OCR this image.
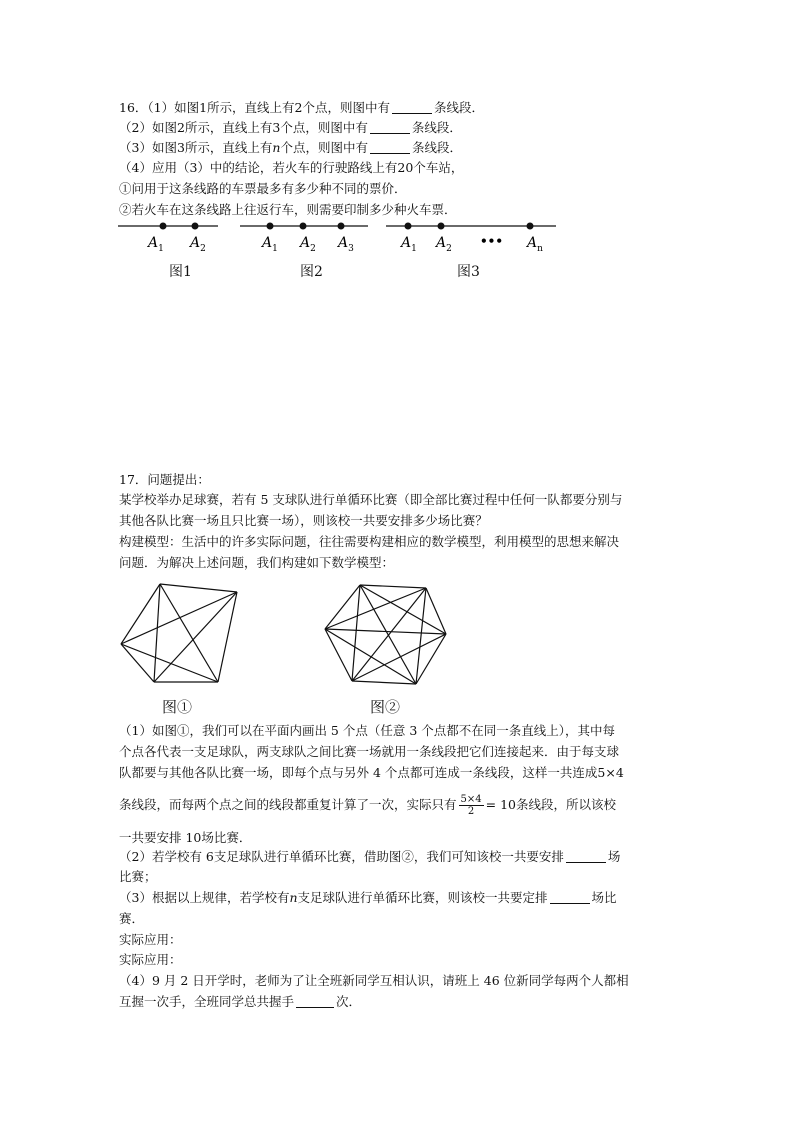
16．（1）如图1所示，直线上有2个点，则图中有	条线段．
（2）如图2所示，直线上有3个点，则图中有	条线段．
（3）如图3所示，直线上有n个点，则图中有	条线段．
（4）应用（3）中的结论，若火车的行驶路线上有20个车站，
①问用于这条线路的车票最多有多少种不同的票价．
②若火车在这条线路上往返行车，则需要印制多少种火车票．
$A_1$ $A_2$
图1
$A_1$ $A_2$ $A_3$
图2
$A_1$ $A_2$
••• $A_n$
图3
17．问题提出：
某学校举办足球赛，若有 5 支球队进行单循环比赛（即全部比赛过程中任何一队都要分别与
其他各队比赛一场且只比赛一场），则该校一共要安排多少场比赛？
构建模型：生活中的许多实际问题，往往需要构建相应的数学模型，利用模型的思想来解决
问题．为解决上述问题，我们构建如下数学模型：
图①	图②
（1）如图①，我们可以在平面内画出 5 个点（任意 3 个点都不在同一条直线上），其中每
个点各代表一支足球队，两支球队之间比赛一场就用一条线段把它们连接起来．由于每支球
队都要与其他各队比赛一场，即每个点与另外 4 个点都可连成一条线段，这样一共连成5×4
条线段，而每两个点之间的线段都重复计算了一次，实际只有 $\frac{5\times 4}{2} = 10$条线段，所以该校
一共要安排 10场比赛．
（2）若学校有 6支足球队进行单循环比赛，借助图②，我们可知该校一共要安排	场
比赛；
（3）根据以上规律，若学校有n支足球队进行单循环比赛，则该校一共要定排	场比
赛．
实际应用：
实际应用：
（4）9 月 2 日开学时，老师为了让全班新同学互相认识，请班上 46 位新同学每两个人都相
互握一次手，全班同学总共握手	次．
